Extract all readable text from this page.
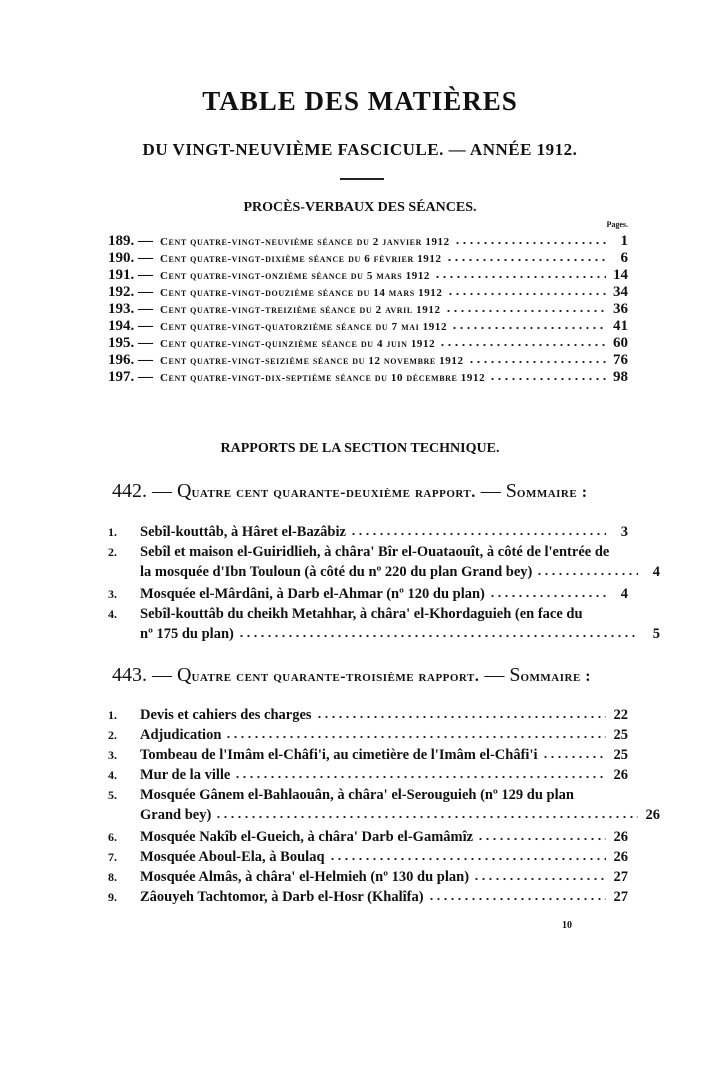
TABLE DES MATIÈRES
DU VINGT-NEUVIÈME FASCICULE. — ANNÉE 1912.
PROCÈS-VERBAUX DES SÉANCES.
Pages.
189. — Cent quatre-vingt-neuvième séance du 2 janvier 1912	1
190. — Cent quatre-vingt-dixième séance du 6 février 1912	6
191. — Cent quatre-vingt-onzième séance du 5 mars 1912	14
192. — Cent quatre-vingt-douzième séance du 14 mars 1912	34
193. — Cent quatre-vingt-treizième séance du 2 avril 1912	36
194. — Cent quatre-vingt-quatorzième séance du 7 mai 1912	41
195. — Cent quatre-vingt-quinzième séance du 4 juin 1912	60
196. — Cent quatre-vingt-seizième séance du 12 novembre 1912	76
197. — Cent quatre-vingt-dix-septième séance du 10 décembre 1912	98
RAPPORTS DE LA SECTION TECHNIQUE.
442. — Quatre cent quarante-deuxième rapport. — Sommaire :
1.	Sebîl-kouttâb, à Hâret el-Bazâbiz	3
2.	Sebîl et maison el-Guiridlieh, à châra' Bîr el-Ouataouît, à côté de l'entrée de
la mosquée d'Ibn Touloun (à côté du nº 220 du plan Grand bey)	4
3.	Mosquée el-Mârdâni, à Darb el-Ahmar (nº 120 du plan)	4
4.	Sebîl-kouttâb du cheikh Metahhar, à châra' el-Khordaguieh (en face du
nº 175 du plan)	5
443. — Quatre cent quarante-troisième rapport. — Sommaire :
1.	Devis et cahiers des charges	22
2.	Adjudication	25
3.	Tombeau de l'Imâm el-Châfi'i, au cimetière de l'Imâm el-Châfi'i	25
4.	Mur de la ville	26
5.	Mosquée Gânem el-Bahlaouân, à châra' el-Serouguieh (nº 129 du plan
Grand bey)	26
6.	Mosquée Nakîb el-Gueich, à châra' Darb el-Gamâmîz	26
7.	Mosquée Aboul-Ela, à Boulaq	26
8.	Mosquée Almâs, à châra' el-Helmieh (nº 130 du plan)	27
9.	Zâouyeh Tachtomor, à Darb el-Hosr (Khalîfa)	27
10
